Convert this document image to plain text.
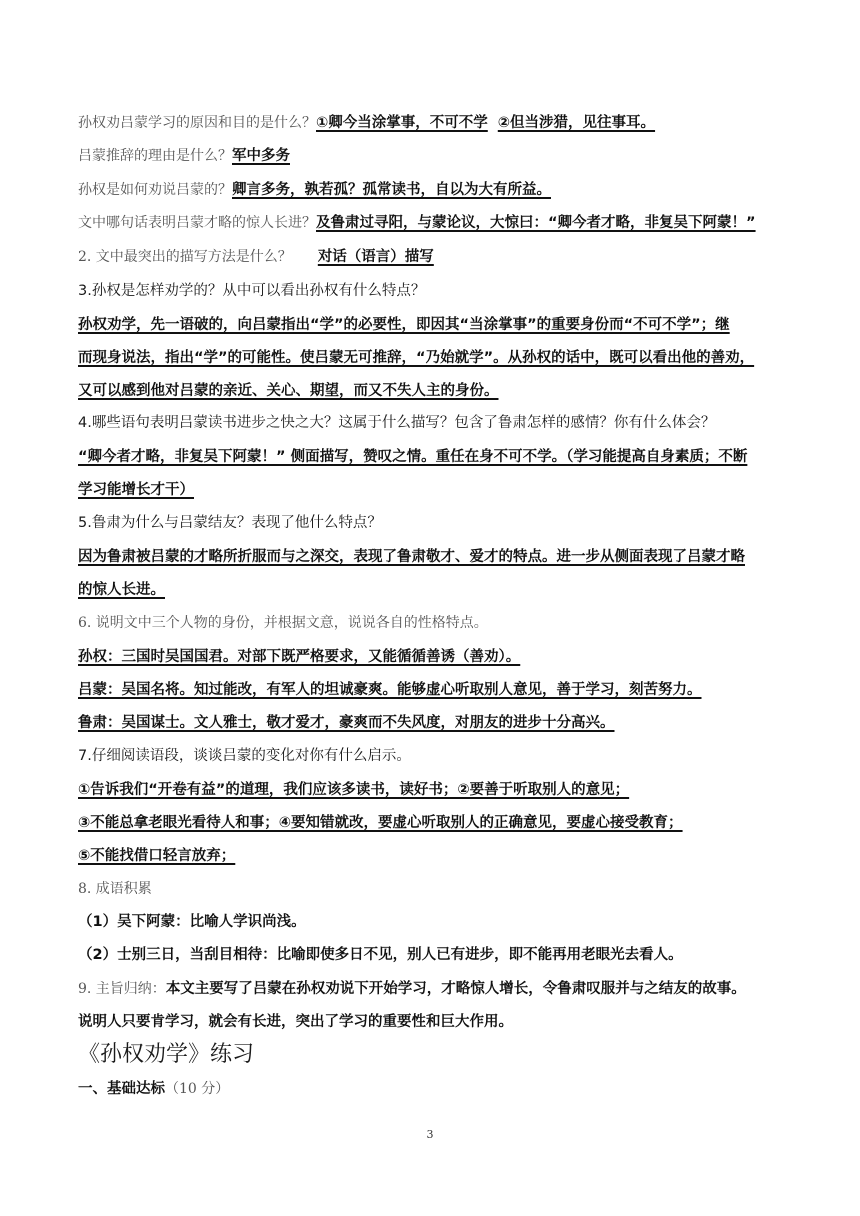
孙权劝吕蒙学习的原因和目的是什么？①卿今当涂掌事，不可不学 ②但当涉猎，见往事耳。
吕蒙推辞的理由是什么？军中多务
孙权是如何劝说吕蒙的？卿言多务，孰若孤？孤常读书，自以为大有所益。
文中哪句话表明吕蒙才略的惊人长进？及鲁肃过寻阳，与蒙论议，大惊曰：“卿今者才略，非复吴下阿蒙！”
2. 文中最突出的描写方法是什么？ 对话（语言）描写
3.孙权是怎样劝学的？从中可以看出孙权有什么特点？
孙权劝学，先一语破的，向吕蒙指出“学”的必要性，即因其“当涂掌事”的重要身份而“不可不学”；继
而现身说法，指出“学”的可能性。使吕蒙无可推辞，“乃始就学”。从孙权的话中，既可以看出他的善劝，
又可以感到他对吕蒙的亲近、关心、期望，而又不失人主的身份。
4.哪些语句表明吕蒙读书进步之快之大？这属于什么描写？包含了鲁肃怎样的感情？你有什么体会？
“卿今者才略，非复吴下阿蒙！” 侧面描写，赞叹之情。重任在身不可不学。（学习能提高自身素质；不断
学习能增长才干）
5.鲁肃为什么与吕蒙结友？表现了他什么特点？
因为鲁肃被吕蒙的才略所折服而与之深交，表现了鲁肃敬才、爱才的特点。进一步从侧面表现了吕蒙才略
的惊人长进。
6. 说明文中三个人物的身份，并根据文意，说说各自的性格特点。
孙权：三国时吴国国君。对部下既严格要求，又能循循善诱（善劝）。
吕蒙：吴国名将。知过能改，有军人的坦诚豪爽。能够虚心听取别人意见，善于学习，刻苦努力。
鲁肃：吴国谋士。文人雅士，敬才爱才，豪爽而不失风度，对朋友的进步十分高兴。
7.仔细阅读语段，谈谈吕蒙的变化对你有什么启示。
①告诉我们“开卷有益”的道理，我们应该多读书，读好书；②要善于听取别人的意见；
③不能总拿老眼光看待人和事；④要知错就改，要虚心听取别人的正确意见，要虚心接受教育；
⑤不能找借口轻言放弃；
8. 成语积累
（1）吴下阿蒙：比喻人学识尚浅。
（2）士别三日，当刮目相待：比喻即使多日不见，别人已有进步，即不能再用老眼光去看人。
9. 主旨归纳：本文主要写了吕蒙在孙权劝说下开始学习，才略惊人增长，令鲁肃叹服并与之结友的故事。
说明人只要肯学习，就会有长进，突出了学习的重要性和巨大作用。
《孙权劝学》练习
一、基础达标（10 分）
3
